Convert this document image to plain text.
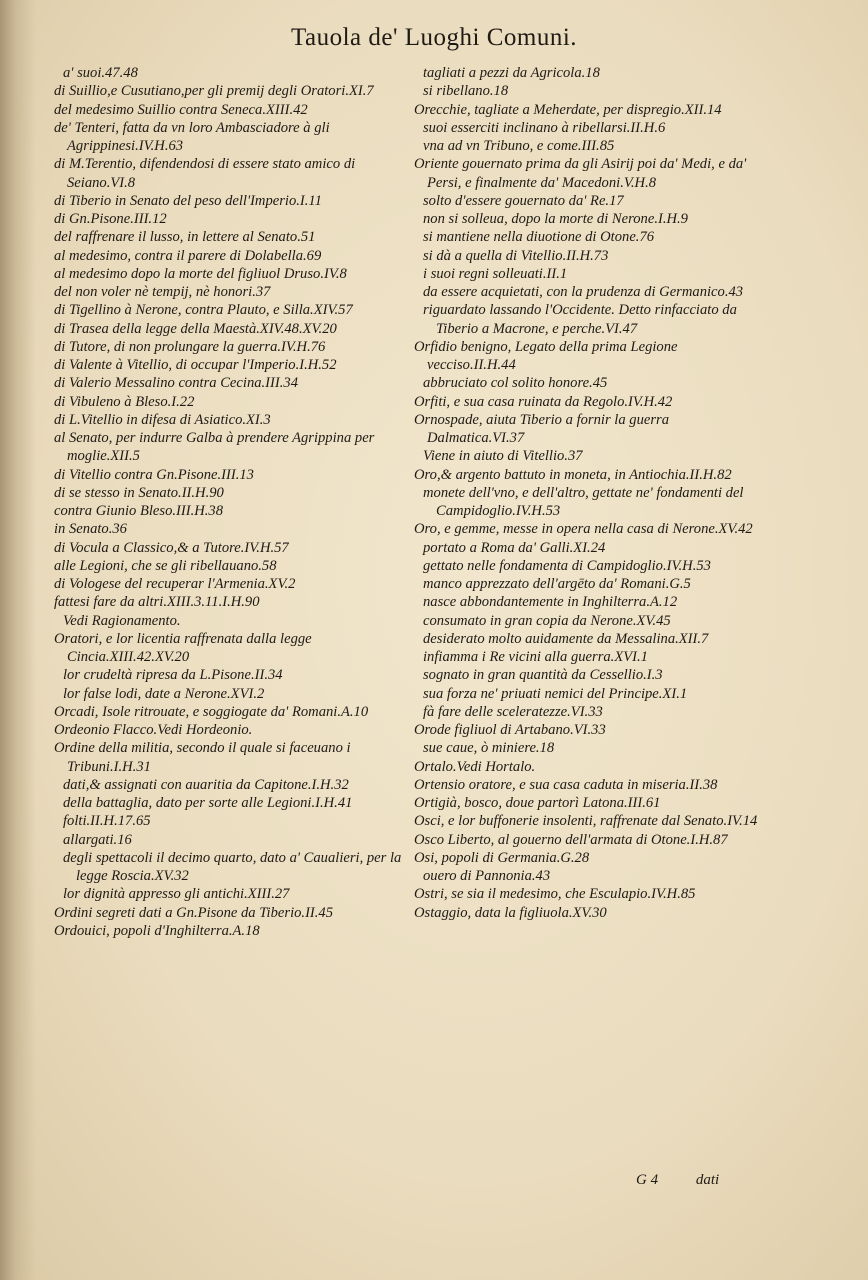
Tauola de' Luoghi Comuni.

a' suoi.47.48

di Suillio,e Cusutiano,per gli premij degli Oratori.XI.7

del medesimo Suillio contra Seneca.XIII.42

de' Tenteri, fatta da vn loro Ambasciadore à gli Agrippinesi.IV.H.63

di M.Terentio, difendendosi di essere stato amico di Seiano.VI.8

di Tiberio in Senato del peso dell'Imperio.I.11

di Gn.Pisone.III.12

del raffrenare il lusso, in lettere al Senato.51

al medesimo, contra il parere di Dolabella.69

al medesimo dopo la morte del figliuol Druso.IV.8

del non voler nè tempij, nè honori.37

di Tigellino à Nerone, contra Plauto, e Silla.XIV.57

di Trasea della legge della Maestà.XIV.48.XV.20

di Tutore, di non prolungare la guerra.IV.H.76

di Valente à Vitellio, di occupar l'Imperio.I.H.52

di Valerio Messalino contra Cecina.III.34

di Vibuleno à Bleso.I.22

di L.Vitellio in difesa di Asiatico.XI.3

al Senato, per indurre Galba à prendere Agrippina per moglie.XII.5

di Vitellio contra Gn.Pisone.III.13

di se stesso in Senato.II.H.90

contra Giunio Bleso.III.H.38

in Senato.36

di Vocula a Classico,& a Tutore.IV.H.57

alle Legioni, che se gli ribellauano.58

di Vologese del recuperar l'Armenia.XV.2

fattesi fare da altri.XIII.3.11.I.H.90

Vedi Ragionamento.

Oratori, e lor licentia raffrenata dalla legge Cincia.XIII.42.XV.20

lor crudeltà ripresa da L.Pisone.II.34

lor false lodi, date a Nerone.XVI.2

Orcadi, Isole ritrouate, e soggiogate da' Romani.A.10

Ordeonio Flacco.Vedi Hordeonio.

Ordine della militia, secondo il quale si faceuano i Tribuni.I.H.31

dati,& assignati con auaritia da Capitone.I.H.32

della battaglia, dato per sorte alle Legioni.I.H.41

folti.II.H.17.65

allargati.16

degli spettacoli il decimo quarto, dato a' Caualieri, per la legge Roscia.XV.32

lor dignità appresso gli antichi.XIII.27

Ordini segreti dati a Gn.Pisone da Tiberio.II.45

Ordouici, popoli d'Inghilterra.A.18

tagliati a pezzi da Agricola.18

si ribellano.18

Orecchie, tagliate a Meherdate, per dispregio.XII.14

suoi esserciti inclinano à ribellarsi.II.H.6

vna ad vn Tribuno, e come.III.85

Oriente gouernato prima da gli Asirij poi da' Medi, e da' Persi, e finalmente da' Macedoni.V.H.8

solto d'essere gouernato da' Re.17

non si solleua, dopo la morte di Nerone.I.H.9

si mantiene nella diuotione di Otone.76

si dà a quella di Vitellio.II.H.73

i suoi regni solleuati.II.1

da essere acquietati, con la prudenza di Germanico.43

riguardato lassando l'Occidente. Detto rinfacciato da Tiberio a Macrone, e perche.VI.47

Orfidio benigno, Legato della prima Legione vecciso.II.H.44

abbruciato col solito honore.45

Orfiti, e sua casa ruinata da Regolo.IV.H.42

Ornospade, aiuta Tiberio a fornir la guerra Dalmatica.VI.37

Viene in aiuto di Vitellio.37

Oro,& argento battuto in moneta, in Antiochia.II.H.82

monete dell'vno, e dell'altro, gettate ne' fondamenti del Campidoglio.IV.H.53

Oro, e gemme, messe in opera nella casa di Nerone.XV.42

portato a Roma da' Galli.XI.24

gettato nelle fondamenta di Campidoglio.IV.H.53

manco apprezzato dell'argēto da' Romani.G.5

nasce abbondantemente in Inghilterra.A.12

consumato in gran copia da Nerone.XV.45

desiderato molto auidamente da Messalina.XII.7

infiamma i Re vicini alla guerra.XVI.1

sognato in gran quantità da Cessellio.I.3

sua forza ne' priuati nemici del Principe.XI.1

fà fare delle sceleratezze.VI.33

Orode figliuol di Artabano.VI.33

sue caue, ò miniere.18

Ortalo.Vedi Hortalo.

Ortensio oratore, e sua casa caduta in miseria.II.38

Ortigià, bosco, doue partorì Latona.III.61

Osci, e lor buffonerie insolenti, raffrenate dal Senato.IV.14

Osco Liberto, al gouerno dell'armata di Otone.I.H.87

Osi, popoli di Germania.G.28

ouero di Pannonia.43

Ostri, se sia il medesimo, che Esculapio.IV.H.85

Ostaggio, data la figliuola.XV.30

G 4	dati
